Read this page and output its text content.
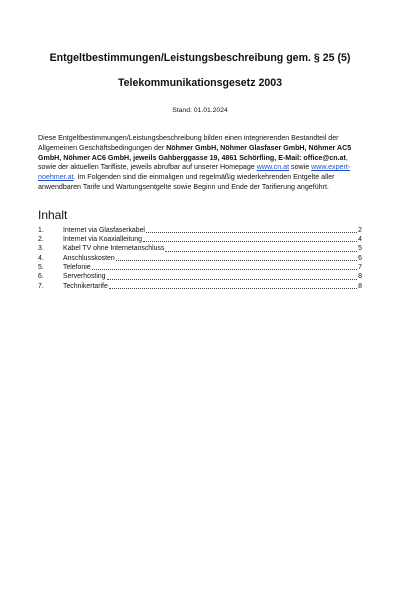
Entgeltbestimmungen/Leistungsbeschreibung gem. § 25 (5)
Telekommunikationsgesetz 2003
Stand: 01.01.2024
Diese Entgeltbestimmungen/Leistungsbeschreibung bilden einen integrierenden Bestandteil der Allgemeinen Geschäftsbedingungen der Nöhmer GmbH, Nöhmer Glasfaser GmbH, Nöhmer AC5 GmbH, Nöhmer AC6 GmbH, jeweils Gahberggasse 19, 4861 Schörfling, E-Mail: office@cn.at, sowie der aktuellen Tarifliste, jeweils abrufbar auf unserer Homepage www.cn.at sowie www.expert-noehmer.at. Im Folgenden sind die einmaligen und regelmäßig wiederkehrenden Entgelte aller anwendbaren Tarife und Wartungsentgelte sowie Beginn und Ende der Tarifierung angeführt.
Inhalt
1.	Internet via Glasfaserkabel	2
2.	Internet via Koaxialleitung	4
3.	Kabel TV ohne Internetanschluss	5
4.	Anschlusskosten	6
5.	Telefonie	7
6.	Serverhosting	8
7.	Technikertarife	8
